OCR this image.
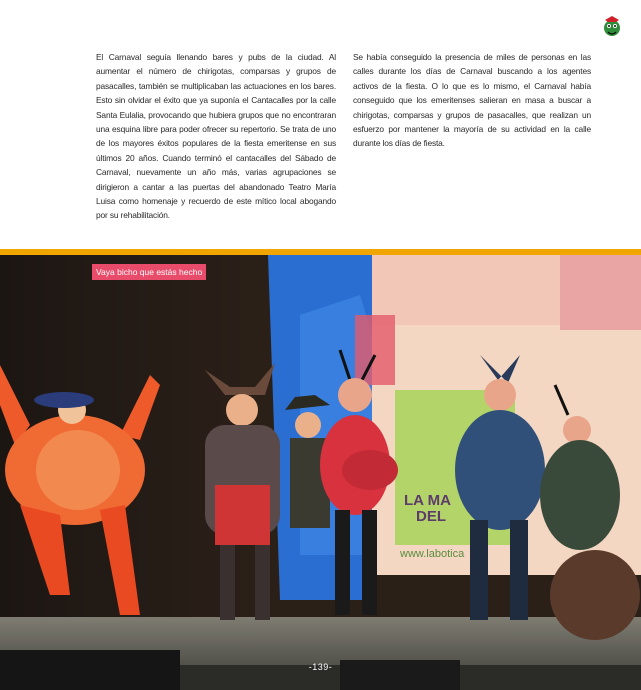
El Carnaval seguía llenando bares y pubs de la ciudad. Al aumentar el número de chirigotas, comparsas y grupos de pasacalles, también se multiplicaban las actuaciones en los bares. Esto sin olvidar el éxito que ya suponía el Cantacalles por la calle Santa Eulalia, provocando que hubiera grupos que no encontraran una esquina libre para poder ofrecer su repertorio. Se trata de uno de los mayores éxitos populares de la fiesta emeritense en sus últimos 20 años. Cuando terminó el cantacalles del Sábado de Carnaval, nuevamente un año más, varias agrupaciones se dirigieron a cantar a las puertas del abandonado Teatro María Luisa como homenaje y recuerdo de este mítico local abogando por su rehabilitación.
Se había conseguido la presencia de miles de personas en las calles durante los días de Carnaval buscando a los agentes activos de la fiesta. O lo que es lo mismo, el Carnaval había conseguido que los emeritenses salieran en masa a buscar a chirigotas, comparsas y grupos de pasacalles, que realizan un esfuerzo por mantener la mayoría de su actividad en la calle durante los días de fiesta.
LA MA
DEL
www.labotica
Vaya bicho que estás hecho
-139-
